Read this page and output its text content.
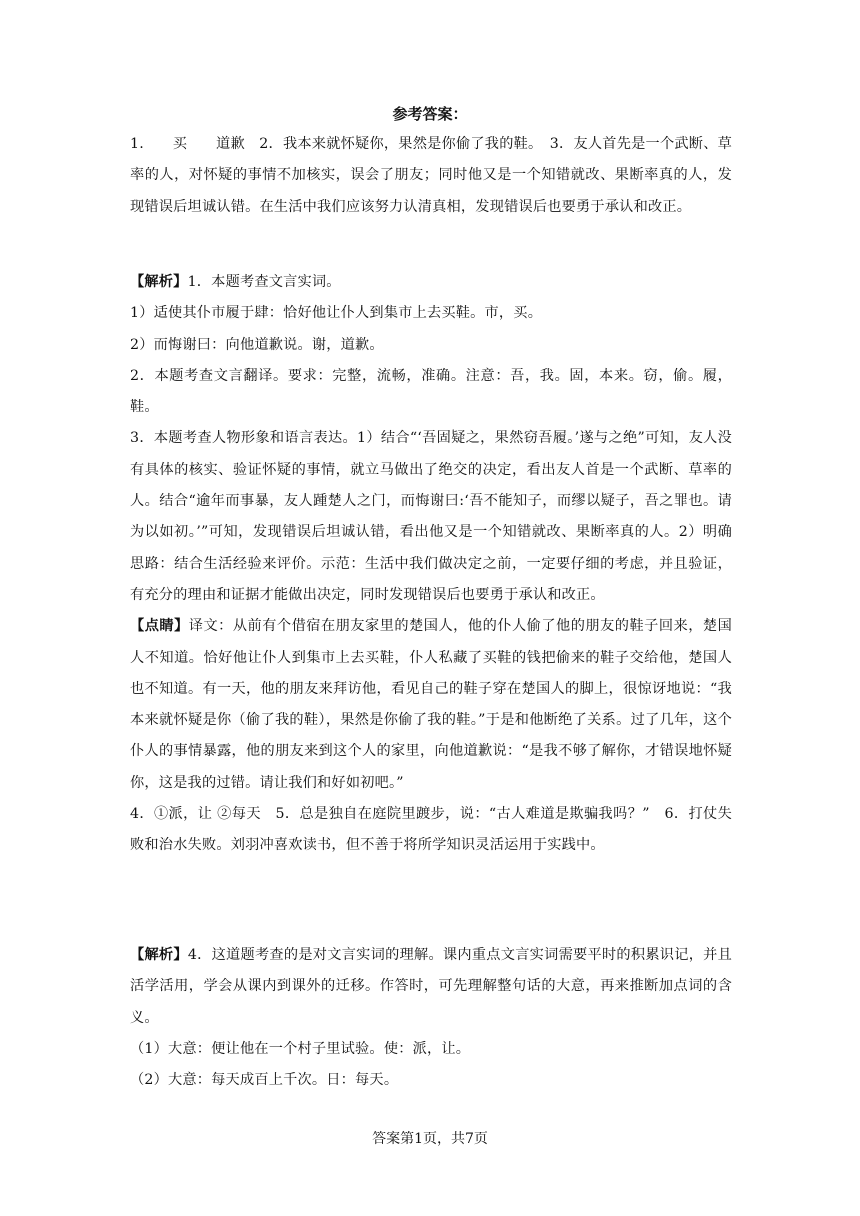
参考答案：

1.　　买　　道歉　2．我本来就怀疑你，果然是你偷了我的鞋。　3．友人首先是一个武断、草率的人，对怀疑的事情不加核实，误会了朋友；同时他又是一个知错就改、果断率真的人，发现错误后坦诚认错。在生活中我们应该努力认清真相，发现错误后也要勇于承认和改正。

【解析】1．本题考查文言实词。

1）适使其仆市履于肆：恰好他让仆人到集市上去买鞋。市，买。

2）而悔谢曰：向他道歉说。谢，道歉。

2．本题考查文言翻译。要求：完整，流畅，准确。注意：吾，我。固，本来。窃，偷。履，鞋。

3．本题考查人物形象和语言表达。1）结合“‘吾固疑之，果然窃吾履。’遂与之绝”可知，友人没有具体的核实、验证怀疑的事情，就立马做出了绝交的决定，看出友人首是一个武断、草率的人。结合“逾年而事暴，友人踵楚人之门，而悔谢曰:‘吾不能知子，而缪以疑子，吾之罪也。请为以如初。’”可知，发现错误后坦诚认错，看出他又是一个知错就改、果断率真的人。2）明确思路：结合生活经验来评价。示范：生活中我们做决定之前，一定要仔细的考虑，并且验证，有充分的理由和证据才能做出决定，同时发现错误后也要勇于承认和改正。

【点睛】译文：从前有个借宿在朋友家里的楚国人，他的仆人偷了他的朋友的鞋子回来，楚国人不知道。恰好他让仆人到集市上去买鞋，仆人私藏了买鞋的钱把偷来的鞋子交给他，楚国人也不知道。有一天，他的朋友来拜访他，看见自己的鞋子穿在楚国人的脚上，很惊讶地说：“我本来就怀疑是你（偷了我的鞋），果然是你偷了我的鞋。”于是和他断绝了关系。过了几年，这个仆人的事情暴露，他的朋友来到这个人的家里，向他道歉说：“是我不够了解你，才错误地怀疑你，这是我的过错。请让我们和好如初吧。”

4．①派，让 ②每天　5．总是独自在庭院里踱步，说：“古人难道是欺骗我吗？”　6．打仗失败和治水失败。刘羽冲喜欢读书，但不善于将所学知识灵活运用于实践中。

【解析】4．这道题考查的是对文言实词的理解。课内重点文言实词需要平时的积累识记，并且活学活用，学会从课内到课外的迁移。作答时，可先理解整句话的大意，再来推断加点词的含义。

（1）大意：便让他在一个村子里试验。使：派，让。

（2）大意：每天成百上千次。日：每天。

答案第1页，共7页
